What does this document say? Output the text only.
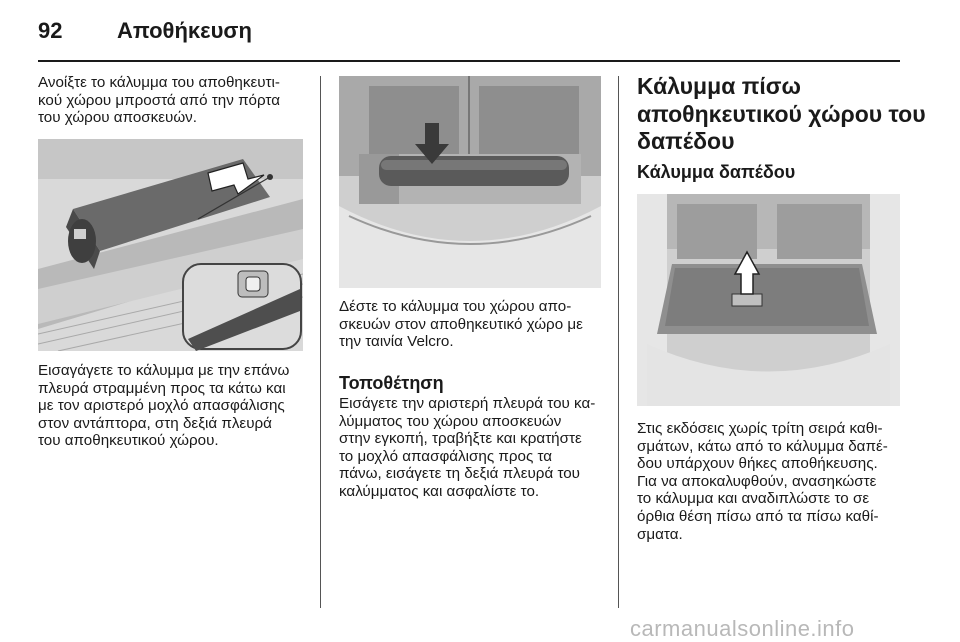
92 Αποθήκευση
Ανοίξτε το κάλυμμα του αποθηκευτι-
κού χώρου μπροστά από την πόρτα
του χώρου αποσκευών.
Εισαγάγετε το κάλυμμα με την επάνω
πλευρά στραμμένη προς τα κάτω και
με τον αριστερό μοχλό απασφάλισης
στον αντάπτορα, στη δεξιά πλευρά
του αποθηκευτικού χώρου.
Δέστε το κάλυμμα του χώρου απο-
σκευών στον αποθηκευτικό χώρο με
την ταινία Velcro.
Τοποθέτηση
Εισάγετε την αριστερή πλευρά του κα-
λύμματος του χώρου αποσκευών
στην εγκοπή, τραβήξτε και κρατήστε
το μοχλό απασφάλισης προς τα
πάνω, εισάγετε τη δεξιά πλευρά του
καλύμματος και ασφαλίστε το.
Κάλυμμα πίσω
αποθηκευτικού χώρου του
δαπέδου
Κάλυμμα δαπέδου
Στις εκδόσεις χωρίς τρίτη σειρά καθι-
σμάτων, κάτω από το κάλυμμα δαπέ-
δου υπάρχουν θήκες αποθήκευσης.
Για να αποκαλυφθούν, ανασηκώστε
το κάλυμμα και αναδιπλώστε το σε
όρθια θέση πίσω από τα πίσω καθί-
σματα.
carmanualsonline.info
